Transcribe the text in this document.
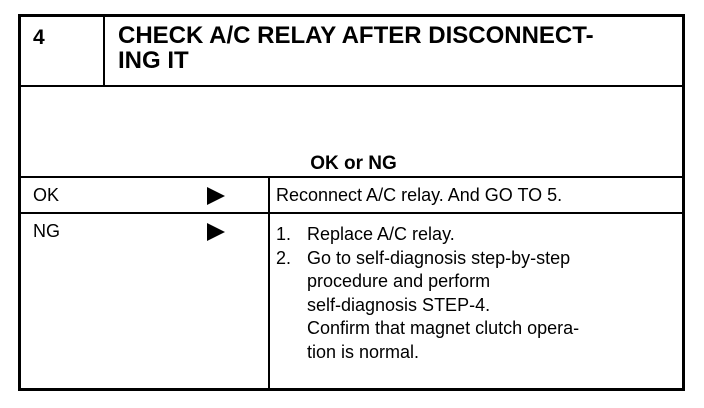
4	CHECK A/C RELAY AFTER DISCONNECT-
ING IT
OK or NG
OK	Reconnect A/C relay. And GO TO 5.
NG	1. Replace A/C relay.
2. Go to self-diagnosis step-by-step
procedure and perform
self-diagnosis STEP-4.
Confirm that magnet clutch opera-
tion is normal.
